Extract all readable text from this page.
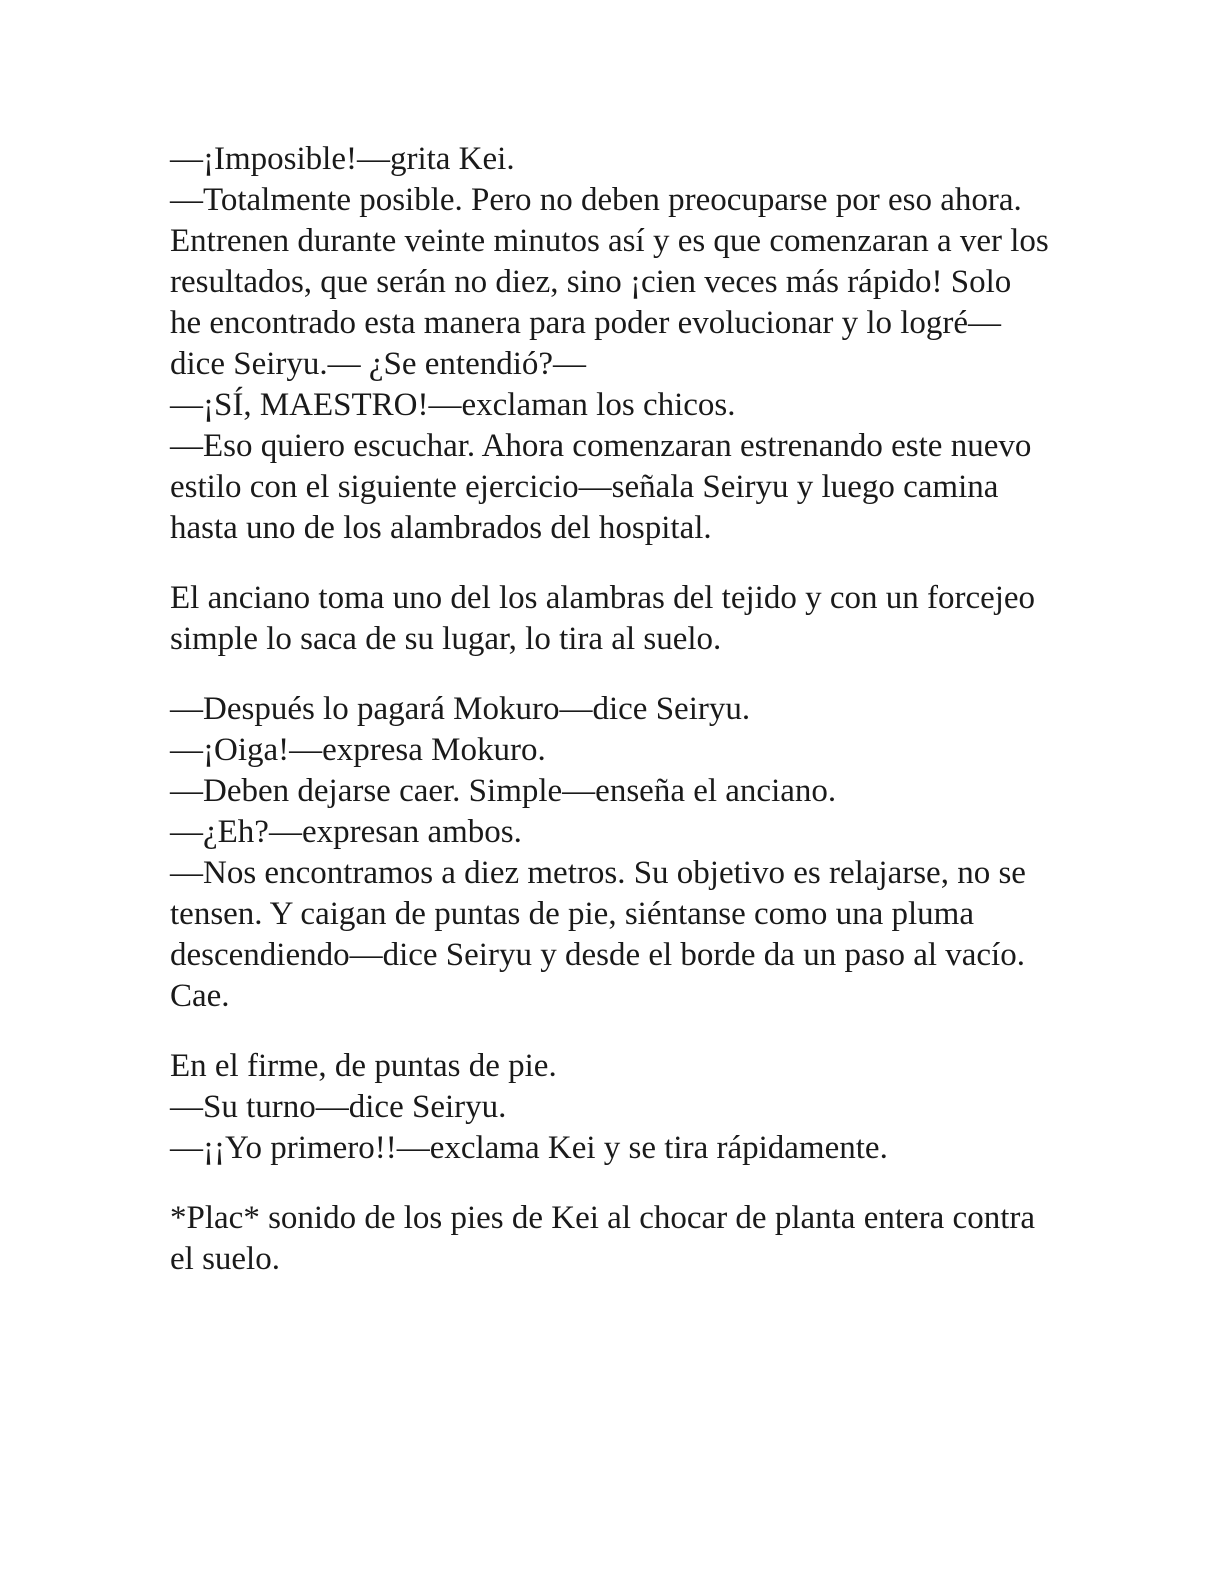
—¡Imposible!—grita Kei.

—Totalmente posible. Pero no deben preocuparse por eso ahora. Entrenen durante veinte minutos así y es que comenzaran a ver los resultados, que serán no diez, sino ¡cien veces más rápido! Solo he encontrado esta manera para poder evolucionar y lo logré—dice Seiryu.— ¿Se entendió?—

—¡SÍ, MAESTRO!—exclaman los chicos.

—Eso quiero escuchar. Ahora comenzaran estrenando este nuevo estilo con el siguiente ejercicio—señala Seiryu y luego camina hasta uno de los alambrados del hospital.

El anciano toma uno del los alambras del tejido y con un forcejeo simple lo saca de su lugar, lo tira al suelo.

—Después lo pagará Mokuro—dice Seiryu.

—¡Oiga!—expresa Mokuro.

—Deben dejarse caer. Simple—enseña el anciano.

—¿Eh?—expresan ambos.

—Nos encontramos a diez metros. Su objetivo es relajarse, no se tensen. Y caigan de puntas de pie, siéntanse como una pluma descendiendo—dice Seiryu y desde el borde da un paso al vacío. Cae.

En el firme, de puntas de pie.

—Su turno—dice Seiryu.

—¡¡Yo primero!!—exclama Kei y se tira rápidamente.

*Plac* sonido de los pies de Kei al chocar de planta entera contra el suelo.
